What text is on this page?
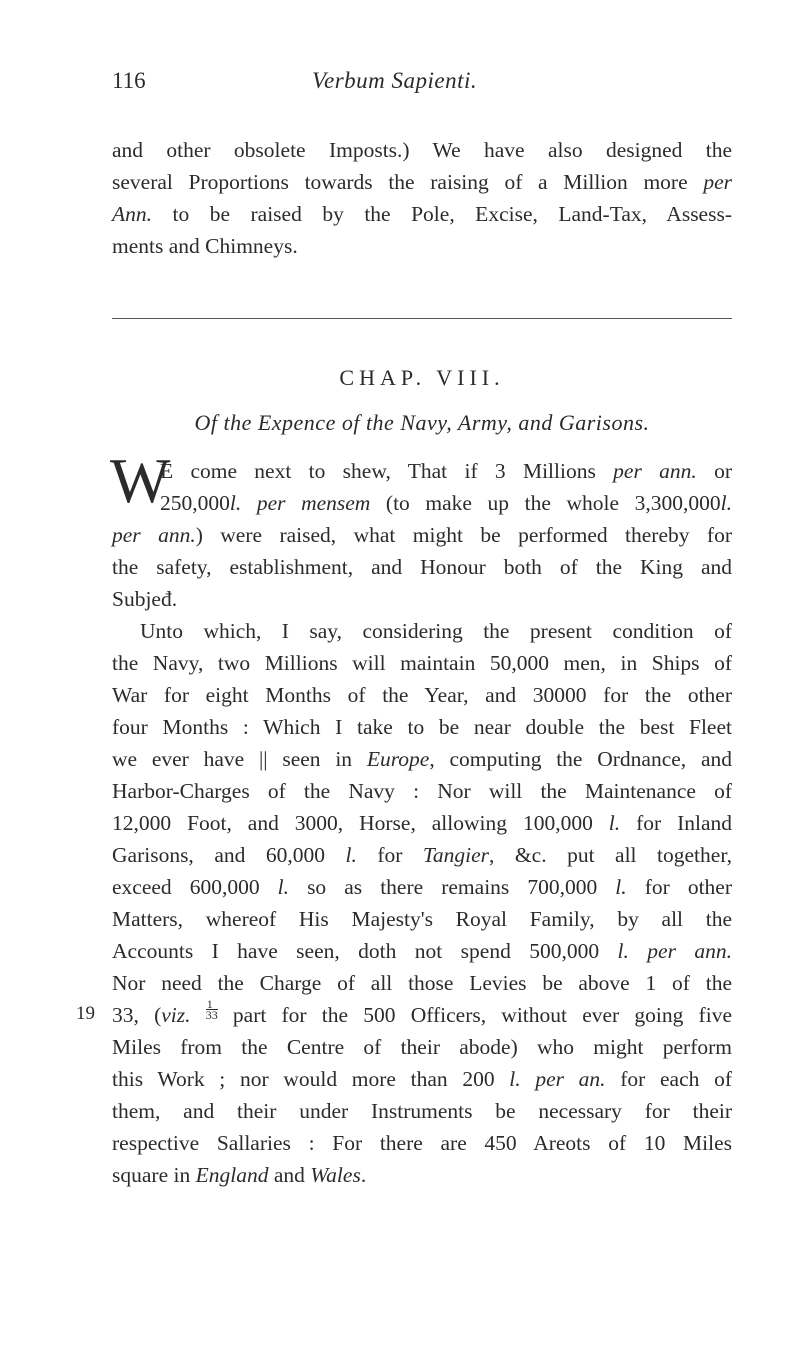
116	Verbum Sapienti.

and other obsolete Imposts.) We have also designed the
several Proportions towards the raising of a Million more per
Ann. to be raised by the Pole, Excise, Land-Tax, Assess-
ments and Chimneys.

CHAP. VIII.
Of the Expence of the Navy, Army, and Garisons.
W

E come next to shew, That if 3 Millions per ann. or
250,000l. per mensem (to make up the whole 3,300,000l.
per ann.) were raised, what might be performed thereby for
the safety, establishment, and Honour both of the King and
Subjeđ.

19

Unto which, I say, considering the present condition of
the Navy, two Millions will maintain 50,000 men, in Ships of
War for eight Months of the Year, and 30000 for the other
four Months : Which I take to be near double the best Fleet
we ever have || seen in Europe, computing the Ordnance, and
Harbor-Charges of the Navy : Nor will the Maintenance of
12,000 Foot, and 3000, Horse, allowing 100,000 l. for Inland
Garisons, and 60,000 l. for Tangier, &c. put all together,
exceed 600,000 l. so as there remains 700,000 l. for other
Matters, whereof His Majesty's Royal Family, by all the
Accounts I have seen, doth not spend 500,000 l. per ann.
Nor need the Charge of all those Levies be above 1 of the
33, (viz. $\frac{1}{33}$ part for the 500 Officers, without ever going five
Miles from the Centre of their abode) who might perform
this Work ; nor would more than 200 l. per an. for each of
them, and their under Instruments be necessary for their
respective Sallaries : For there are 450 Areots of 10 Miles
square in England and Wales.
